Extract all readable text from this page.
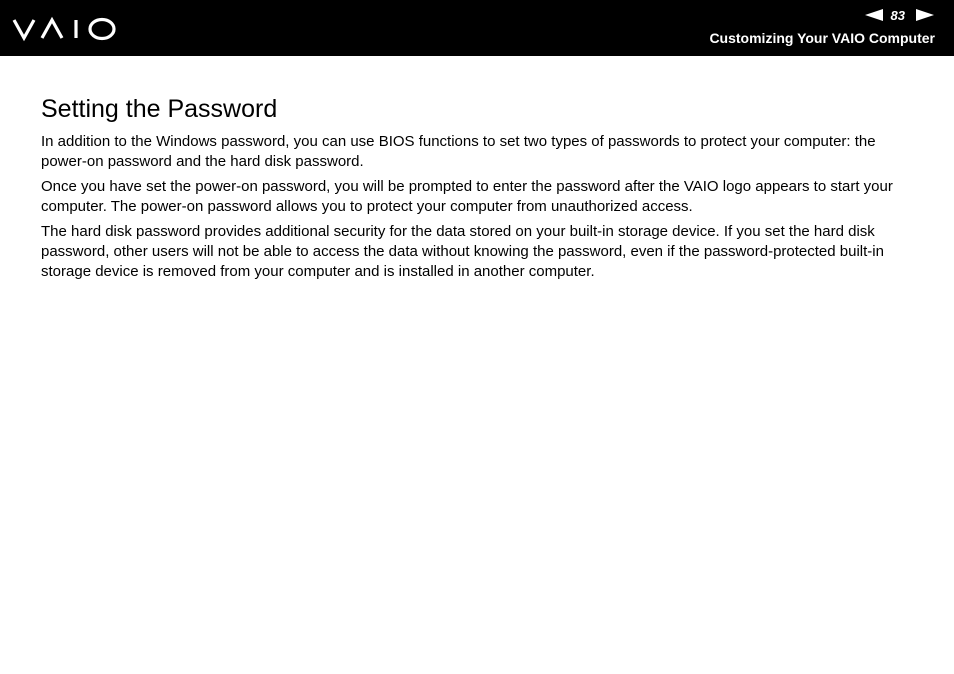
83
Customizing Your VAIO Computer
Setting the Password

In addition to the Windows password, you can use BIOS functions to set two types of passwords to protect your computer: the power-on password and the hard disk password.

Once you have set the power-on password, you will be prompted to enter the password after the VAIO logo appears to start your computer. The power-on password allows you to protect your computer from unauthorized access.

The hard disk password provides additional security for the data stored on your built-in storage device. If you set the hard disk password, other users will not be able to access the data without knowing the password, even if the password-protected built-in storage device is removed from your computer and is installed in another computer.
